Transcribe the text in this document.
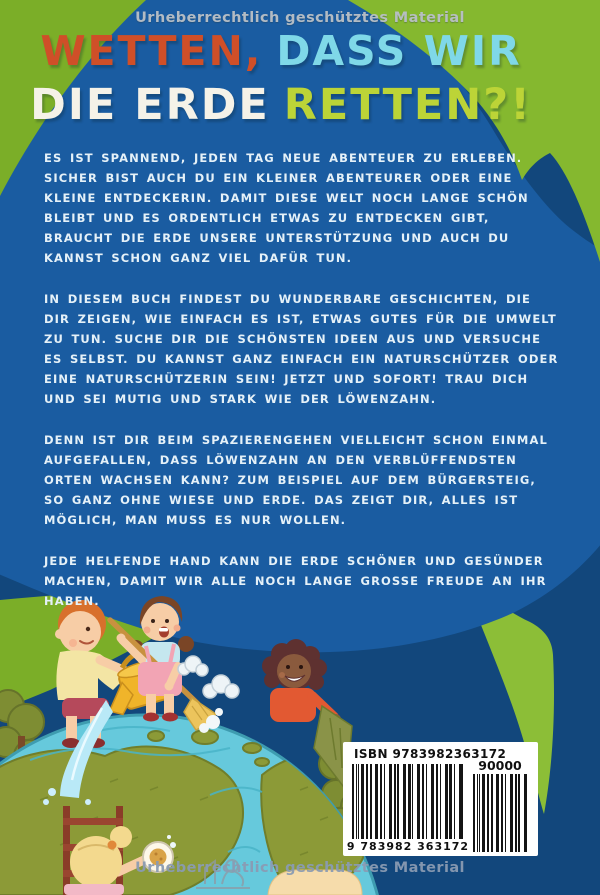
Urheberrechtlich geschütztes Material
Urheberrechtlich geschütztes Material
WETTEN, DASS WIR
DIE ERDE RETTEN?!

ES IST SPANNEND, JEDEN TAG NEUE ABENTEUER ZU ERLEBEN. SICHER BIST AUCH DU EIN KLEINER ABENTEURER ODER EINE KLEINE ENTDECKERIN. DAMIT DIESE WELT NOCH LANGE SCHÖN BLEIBT UND ES ORDENTLICH ETWAS ZU ENTDECKEN GIBT, BRAUCHT DIE ERDE UNSERE UNTERSTÜTZUNG UND AUCH DU KANNST SCHON GANZ VIEL DAFÜR TUN.

IN DIESEM BUCH FINDEST DU WUNDERBARE GESCHICHTEN, DIE DIR ZEIGEN, WIE EINFACH ES IST, ETWAS GUTES FÜR DIE UMWELT ZU TUN. SUCHE DIR DIE SCHÖNSTEN IDEEN AUS UND VERSUCHE ES SELBST. DU KANNST GANZ EINFACH EIN NATURSCHÜTZER ODER EINE NATURSCHÜTZERIN SEIN! JETZT UND SOFORT! TRAU DICH UND SEI MUTIG UND STARK WIE DER LÖWENZAHN.

DENN IST DIR BEIM SPAZIERENGEHEN VIELLEICHT SCHON EINMAL AUFGEFALLEN, DASS LÖWENZAHN AN DEN VERBLÜFFENDSTEN ORTEN WACHSEN KANN? ZUM BEISPIEL AUF DEM BÜRGERSTEIG, SO GANZ OHNE WIESE UND ERDE. DAS ZEIGT DIR, ALLES IST MÖGLICH, MAN MUSS ES NUR WOLLEN.

JEDE HELFENDE HAND KANN DIE ERDE SCHÖNER UND GESÜNDER MACHEN, DAMIT WIR ALLE NOCH LANGE GROSSE FREUDE AN IHR HABEN.

ISBN 9783982363172
9 783982 363172
90000
